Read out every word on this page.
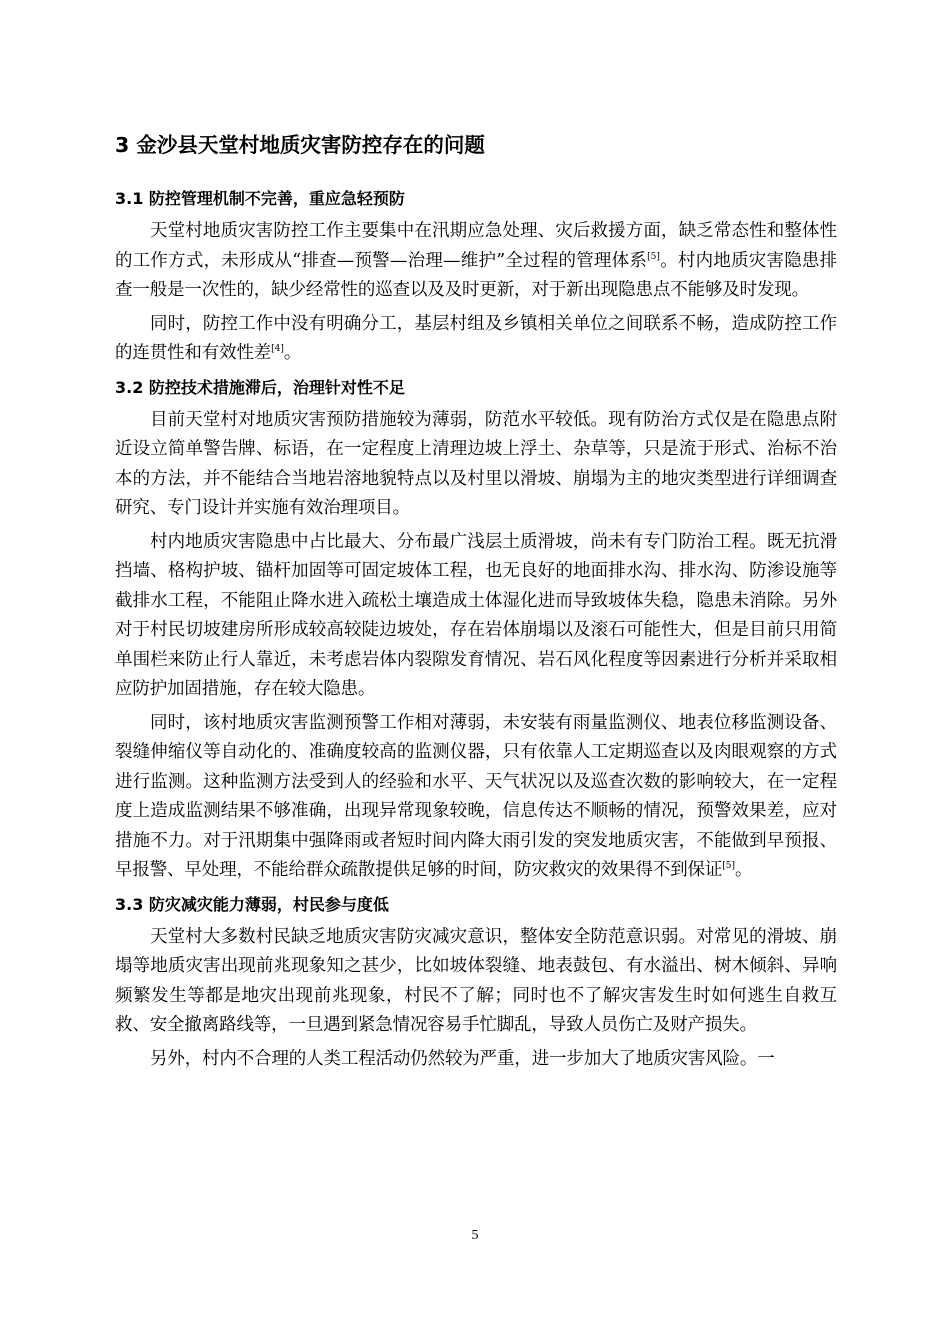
3 金沙县天堂村地质灾害防控存在的问题
3.1 防控管理机制不完善，重应急轻预防

天堂村地质灾害防控工作主要集中在汛期应急处理、灾后救援方面，缺乏常态性和整体性的工作方式，未形成从“排查—预警—治理—维护”全过程的管理体系[5]。村内地质灾害隐患排查一般是一次性的，缺少经常性的巡查以及及时更新，对于新出现隐患点不能够及时发现。

同时，防控工作中没有明确分工，基层村组及乡镇相关单位之间联系不畅，造成防控工作的连贯性和有效性差[4]。

3.2 防控技术措施滞后，治理针对性不足

目前天堂村对地质灾害预防措施较为薄弱，防范水平较低。现有防治方式仅是在隐患点附近设立简单警告牌、标语，在一定程度上清理边坡上浮土、杂草等，只是流于形式、治标不治本的方法，并不能结合当地岩溶地貌特点以及村里以滑坡、崩塌为主的地灾类型进行详细调查研究、专门设计并实施有效治理项目。

村内地质灾害隐患中占比最大、分布最广浅层土质滑坡，尚未有专门防治工程。既无抗滑挡墙、格构护坡、锚杆加固等可固定坡体工程，也无良好的地面排水沟、排水沟、防渗设施等截排水工程，不能阻止降水进入疏松土壤造成土体湿化进而导致坡体失稳，隐患未消除。另外对于村民切坡建房所形成较高较陡边坡处，存在岩体崩塌以及滚石可能性大，但是目前只用简单围栏来防止行人靠近，未考虑岩体内裂隙发育情况、岩石风化程度等因素进行分析并采取相应防护加固措施，存在较大隐患。

同时，该村地质灾害监测预警工作相对薄弱，未安装有雨量监测仪、地表位移监测设备、裂缝伸缩仪等自动化的、准确度较高的监测仪器，只有依靠人工定期巡查以及肉眼观察的方式进行监测。这种监测方法受到人的经验和水平、天气状况以及巡查次数的影响较大，在一定程度上造成监测结果不够准确，出现异常现象较晚，信息传达不顺畅的情况，预警效果差，应对措施不力。对于汛期集中强降雨或者短时间内降大雨引发的突发地质灾害，不能做到早预报、早报警、早处理，不能给群众疏散提供足够的时间，防灾救灾的效果得不到保证[5]。

3.3 防灾减灾能力薄弱，村民参与度低

天堂村大多数村民缺乏地质灾害防灾减灾意识，整体安全防范意识弱。对常见的滑坡、崩塌等地质灾害出现前兆现象知之甚少，比如坡体裂缝、地表鼓包、有水溢出、树木倾斜、异响频繁发生等都是地灾出现前兆现象，村民不了解；同时也不了解灾害发生时如何逃生自救互救、安全撤离路线等，一旦遇到紧急情况容易手忙脚乱，导致人员伤亡及财产损失。

另外，村内不合理的人类工程活动仍然较为严重，进一步加大了地质灾害风险。一

5
